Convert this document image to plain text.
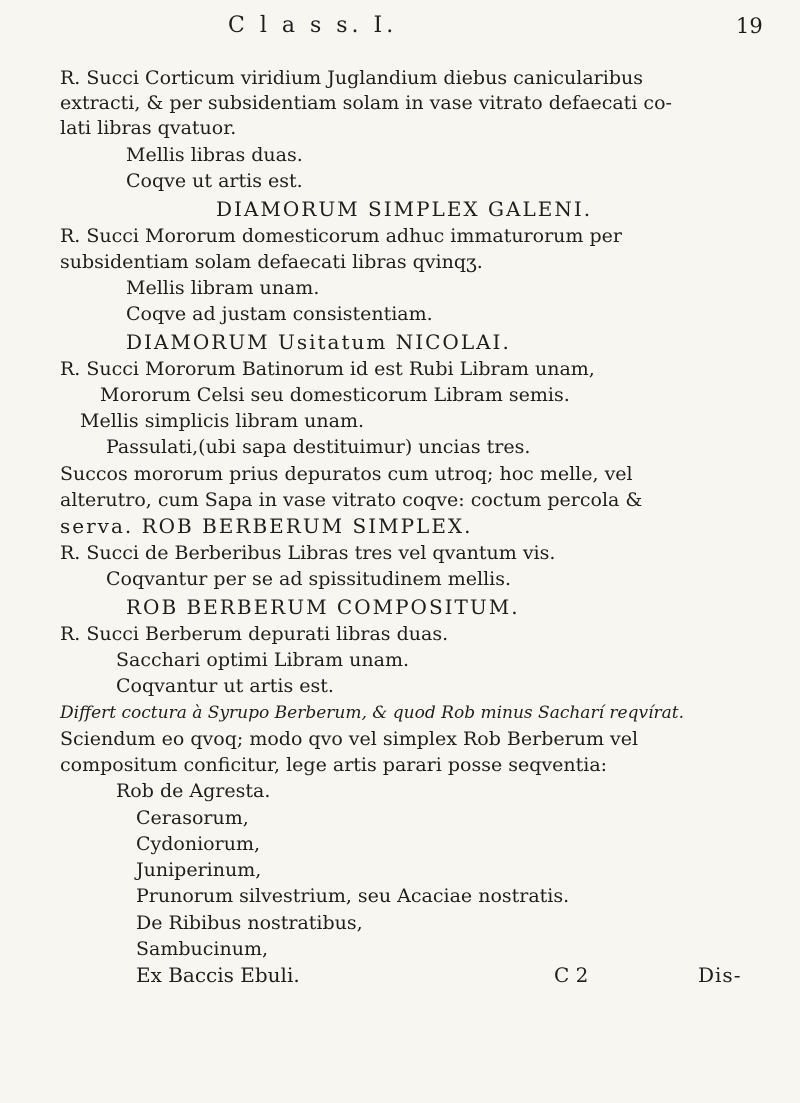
C l a s s. I.	19
R. Succi Corticum viridium Juglandium diebus canicularibus
extracti, & per subsidentiam solam in vase vitrato defaecati co-
lati libras qvatuor.
Mellis libras duas.
Coqve ut artis est.
DIAMORUM SIMPLEX GALENI.
R. Succi Mororum domesticorum adhuc immaturorum per
subsidentiam solam defaecati libras qvinqʒ.
Mellis libram unam.
Coqve ad justam consistentiam.
DIAMORUM Usitatum NICOLAI.
R. Succi Mororum Batinorum id est Rubi Libram unam,
Mororum Celsi seu domesticorum Libram semis.
Mellis simplicis libram unam.
Passulati,(ubi sapa destituimur) uncias tres.
Succos mororum prius depuratos cum utroq; hoc melle, vel
alterutro, cum Sapa in vase vitrato coqve: coctum percola &
serva. ROB BERBERUM SIMPLEX.
R. Succi de Berberibus Libras tres vel qvantum vis.
Coqvantur per se ad spissitudinem mellis.
ROB BERBERUM COMPOSITUM.
R. Succi Berberum depurati libras duas.
Sacchari optimi Libram unam.
Coqvantur ut artis est.
Differt coctura à Syrupo Berberum, & quod Rob minus Sacharí reqvírat.
Sciendum eo qvoq; modo qvo vel simplex Rob Berberum vel
compositum conficitur, lege artis parari posse seqventia:
Rob de Agresta.
Cerasorum,
Cydoniorum,
Juniperinum,
Prunorum silvestrium, seu Acaciae nostratis.
De Ribibus nostratibus,
Sambucinum,
Ex Baccis Ebuli.	C 2	Dis-
